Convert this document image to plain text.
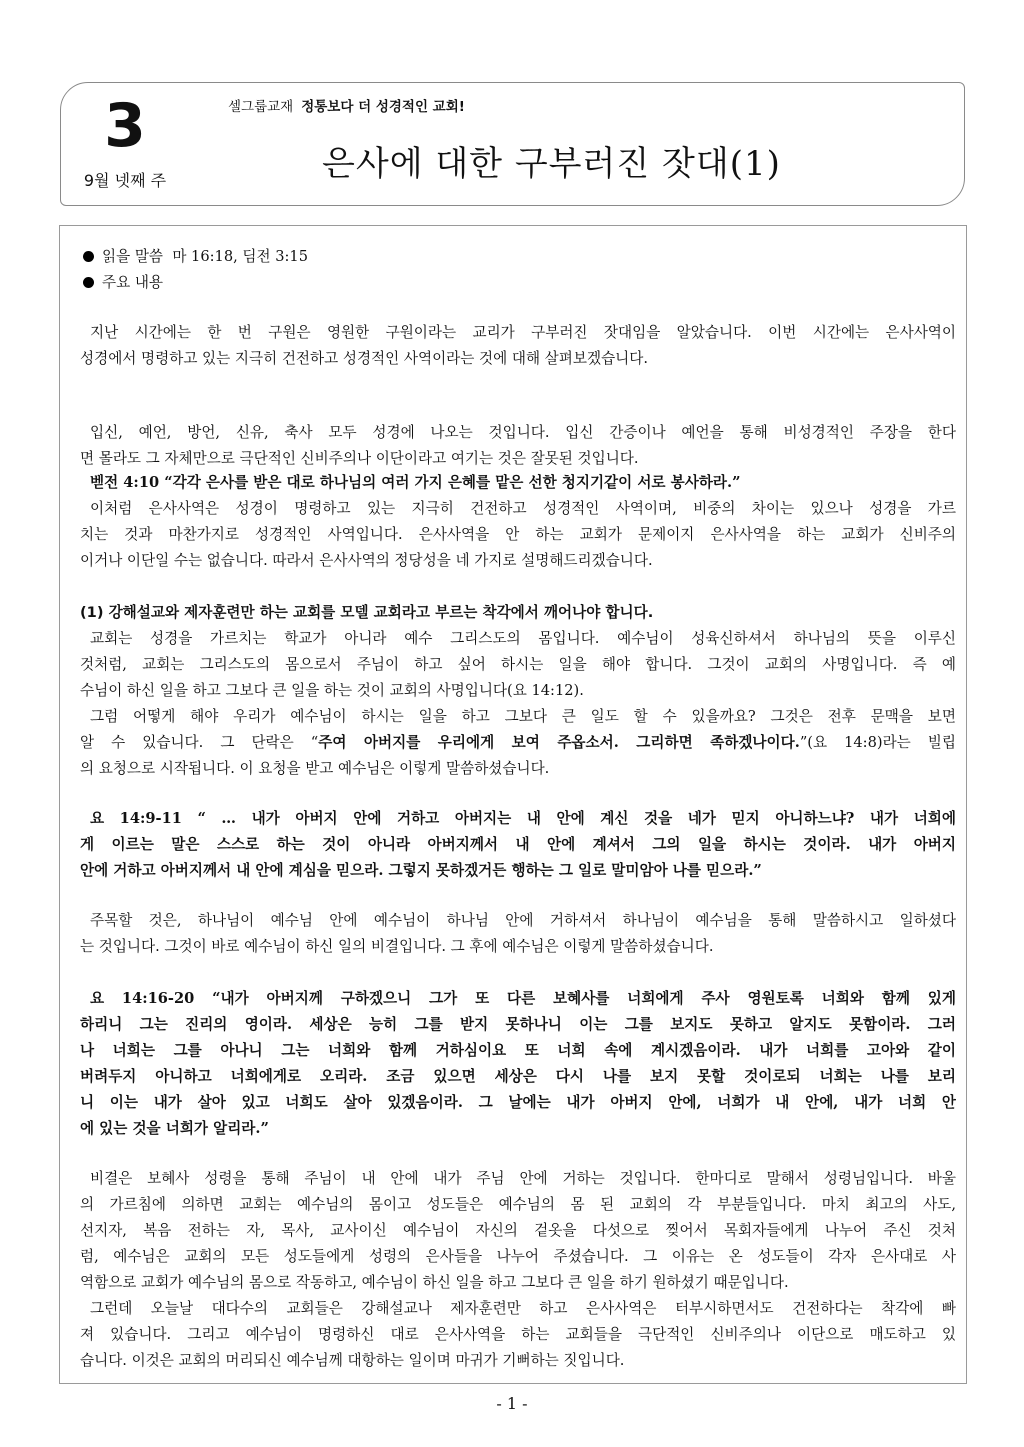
3
9월 넷째 주
셀그룹교재 정통보다 더 성경적인 교회!
은사에 대한 구부러진 잣대(1)
읽을 말씀 마 16:18, 딤전 3:15
주요 내용
지난 시간에는 한 번 구원은 영원한 구원이라는 교리가 구부러진 잣대임을 알았습니다. 이번 시간에는 은사사역이
성경에서 명령하고 있는 지극히 건전하고 성경적인 사역이라는 것에 대해 살펴보겠습니다.
입신, 예언, 방언, 신유, 축사 모두 성경에 나오는 것입니다. 입신 간증이나 예언을 통해 비성경적인 주장을 한다
면 몰라도 그 자체만으로 극단적인 신비주의나 이단이라고 여기는 것은 잘못된 것입니다.
벧전 4:10 “각각 은사를 받은 대로 하나님의 여러 가지 은혜를 맡은 선한 청지기같이 서로 봉사하라.”
이처럼 은사사역은 성경이 명령하고 있는 지극히 건전하고 성경적인 사역이며, 비중의 차이는 있으나 성경을 가르
치는 것과 마찬가지로 성경적인 사역입니다. 은사사역을 안 하는 교회가 문제이지 은사사역을 하는 교회가 신비주의
이거나 이단일 수는 없습니다. 따라서 은사사역의 정당성을 네 가지로 설명해드리겠습니다.
(1) 강해설교와 제자훈련만 하는 교회를 모델 교회라고 부르는 착각에서 깨어나야 합니다.
교회는 성경을 가르치는 학교가 아니라 예수 그리스도의 몸입니다. 예수님이 성육신하셔서 하나님의 뜻을 이루신
것처럼, 교회는 그리스도의 몸으로서 주님이 하고 싶어 하시는 일을 해야 합니다. 그것이 교회의 사명입니다. 즉 예
수님이 하신 일을 하고 그보다 큰 일을 하는 것이 교회의 사명입니다(요 14:12).
그럼 어떻게 해야 우리가 예수님이 하시는 일을 하고 그보다 큰 일도 할 수 있을까요? 그것은 전후 문맥을 보면
알 수 있습니다. 그 단락은 “주여 아버지를 우리에게 보여 주옵소서. 그리하면 족하겠나이다.”(요 14:8)라는 빌립
의 요청으로 시작됩니다. 이 요청을 받고 예수님은 이렇게 말씀하셨습니다.
요 14:9-11 “ … 내가 아버지 안에 거하고 아버지는 내 안에 계신 것을 네가 믿지 아니하느냐? 내가 너희에
게 이르는 말은 스스로 하는 것이 아니라 아버지께서 내 안에 계셔서 그의 일을 하시는 것이라. 내가 아버지
안에 거하고 아버지께서 내 안에 계심을 믿으라. 그렇지 못하겠거든 행하는 그 일로 말미암아 나를 믿으라.”
주목할 것은, 하나님이 예수님 안에 예수님이 하나님 안에 거하셔서 하나님이 예수님을 통해 말씀하시고 일하셨다
는 것입니다. 그것이 바로 예수님이 하신 일의 비결입니다. 그 후에 예수님은 이렇게 말씀하셨습니다.
요 14:16-20 “내가 아버지께 구하겠으니 그가 또 다른 보혜사를 너희에게 주사 영원토록 너희와 함께 있게
하리니 그는 진리의 영이라. 세상은 능히 그를 받지 못하나니 이는 그를 보지도 못하고 알지도 못함이라. 그러
나 너희는 그를 아나니 그는 너희와 함께 거하심이요 또 너희 속에 계시겠음이라. 내가 너희를 고아와 같이
버려두지 아니하고 너희에게로 오리라. 조금 있으면 세상은 다시 나를 보지 못할 것이로되 너희는 나를 보리
니 이는 내가 살아 있고 너희도 살아 있겠음이라. 그 날에는 내가 아버지 안에, 너희가 내 안에, 내가 너희 안
에 있는 것을 너희가 알리라.”
비결은 보혜사 성령을 통해 주님이 내 안에 내가 주님 안에 거하는 것입니다. 한마디로 말해서 성령님입니다. 바울
의 가르침에 의하면 교회는 예수님의 몸이고 성도들은 예수님의 몸 된 교회의 각 부분들입니다. 마치 최고의 사도,
선지자, 복음 전하는 자, 목사, 교사이신 예수님이 자신의 겉옷을 다섯으로 찢어서 목회자들에게 나누어 주신 것처
럼, 예수님은 교회의 모든 성도들에게 성령의 은사들을 나누어 주셨습니다. 그 이유는 온 성도들이 각자 은사대로 사
역함으로 교회가 예수님의 몸으로 작동하고, 예수님이 하신 일을 하고 그보다 큰 일을 하기 원하셨기 때문입니다.
그런데 오늘날 대다수의 교회들은 강해설교나 제자훈련만 하고 은사사역은 터부시하면서도 건전하다는 착각에 빠
져 있습니다. 그리고 예수님이 명령하신 대로 은사사역을 하는 교회들을 극단적인 신비주의나 이단으로 매도하고 있
습니다. 이것은 교회의 머리되신 예수님께 대항하는 일이며 마귀가 기뻐하는 짓입니다.
- 1 -
